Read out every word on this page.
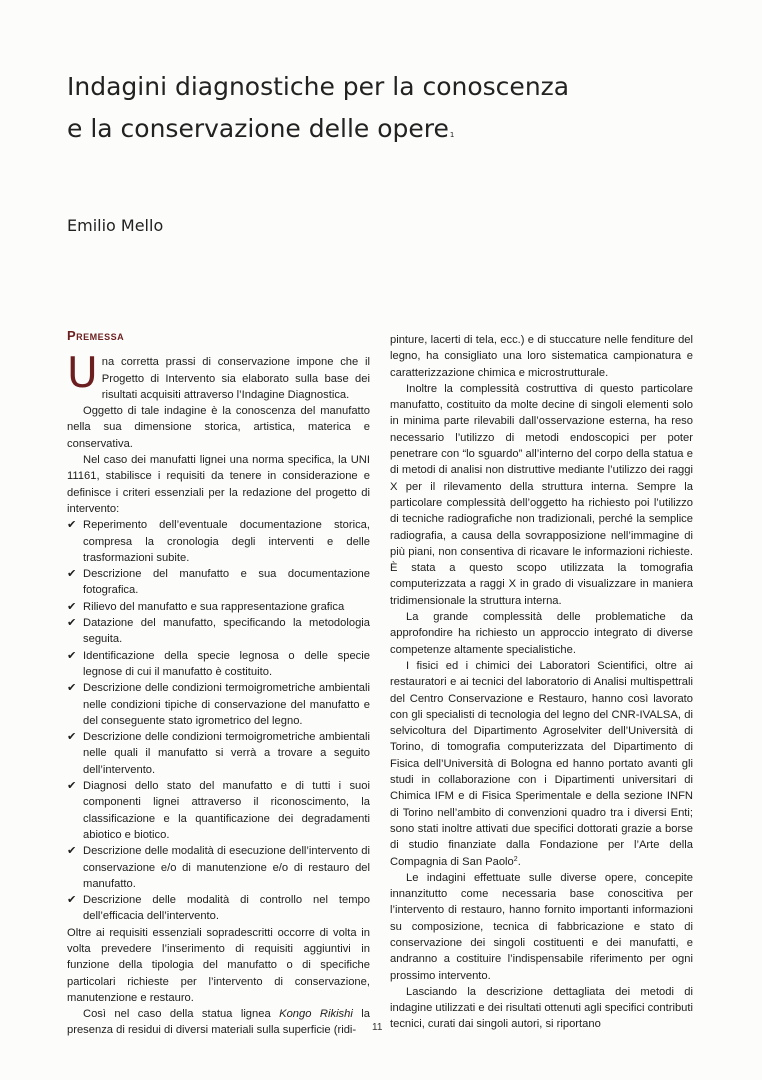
Indagini diagnostiche per la conoscenza
e la conservazione delle opere$^1$
Emilio Mello
Premessa

Una corretta prassi di conservazione impone che il Progetto di Intervento sia elaborato sulla base dei risultati acquisiti attraverso l’Indagine Diagnostica.

Oggetto di tale indagine è la conoscenza del manufatto nella sua dimensione storica, artistica, materica e conservativa.

Nel caso dei manufatti lignei una norma specifica, la UNI 11161, stabilisce i requisiti da tenere in considerazione e definisce i criteri essenziali per la redazione del progetto di intervento:

✔ Reperimento dell’eventuale documentazione storica, compresa la cronologia degli interventi e delle trasformazioni subite.
✔ Descrizione del manufatto e sua documentazione fotografica.
✔ Rilievo del manufatto e sua rappresentazione grafica
✔ Datazione del manufatto, specificando la metodologia seguita.
✔ Identificazione della specie legnosa o delle specie legnose di cui il manufatto è costituito.
✔ Descrizione delle condizioni termoigrometriche ambientali nelle condizioni tipiche di conservazione del manufatto e del conseguente stato igrometrico del legno.
✔ Descrizione delle condizioni termoigrometriche ambientali nelle quali il manufatto si verrà a trovare a seguito dell’intervento.
✔ Diagnosi dello stato del manufatto e di tutti i suoi componenti lignei attraverso il riconoscimento, la classificazione e la quantificazione dei degradamenti abiotico e biotico.
✔ Descrizione delle modalità di esecuzione dell’intervento di conservazione e/o di manutenzione e/o di restauro del manufatto.
✔ Descrizione delle modalità di controllo nel tempo dell’efficacia dell’intervento.

Oltre ai requisiti essenziali sopradescritti occorre di volta in volta prevedere l’inserimento di requisiti aggiuntivi in funzione della tipologia del manufatto o di specifiche particolari richieste per l’intervento di conservazione, manutenzione e restauro.

Così nel caso della statua lignea Kongo Rikishi la presenza di residui di diversi materiali sulla superficie (ridi-

pinture, lacerti di tela, ecc.) e di stuccature nelle fenditure del legno, ha consigliato una loro sistematica campionatura e caratterizzazione chimica e microstrutturale.

Inoltre la complessità costruttiva di questo particolare manufatto, costituito da molte decine di singoli elementi solo in minima parte rilevabili dall’osservazione esterna, ha reso necessario l’utilizzo di metodi endoscopici per poter penetrare con “lo sguardo” all’interno del corpo della statua e di metodi di analisi non distruttive mediante l’utilizzo dei raggi X per il rilevamento della struttura interna. Sempre la particolare complessità dell’oggetto ha richiesto poi l’utilizzo di tecniche radiografiche non tradizionali, perché la semplice radiografia, a causa della sovrapposizione nell’immagine di più piani, non consentiva di ricavare le informazioni richieste. È stata a questo scopo utilizzata la tomografia computerizzata a raggi X in grado di visualizzare in maniera tridimensionale la struttura interna.

La grande complessità delle problematiche da approfondire ha richiesto un approccio integrato di diverse competenze altamente specialistiche.

I fisici ed i chimici dei Laboratori Scientifici, oltre ai restauratori e ai tecnici del laboratorio di Analisi multispettrali del Centro Conservazione e Restauro, hanno così lavorato con gli specialisti di tecnologia del legno del CNR-IVALSA, di selvicoltura del Dipartimento Agroselviter dell’Università di Torino, di tomografia computerizzata del Dipartimento di Fisica dell’Università di Bologna ed hanno portato avanti gli studi in collaborazione con i Dipartimenti universitari di Chimica IFM e di Fisica Sperimentale e della sezione INFN di Torino nell’ambito di convenzioni quadro tra i diversi Enti; sono stati inoltre attivati due specifici dottorati grazie a borse di studio finanziate dalla Fondazione per l’Arte della Compagnia di San Paolo$^2$.

Le indagini effettuate sulle diverse opere, concepite innanzitutto come necessaria base conoscitiva per l’intervento di restauro, hanno fornito importanti informazioni su composizione, tecnica di fabbricazione e stato di conservazione dei singoli costituenti e dei manufatti, e andranno a costituire l’indispensabile riferimento per ogni prossimo intervento.

Lasciando la descrizione dettagliata dei metodi di indagine utilizzati e dei risultati ottenuti agli specifici contributi tecnici, curati dai singoli autori, si riportano

11
